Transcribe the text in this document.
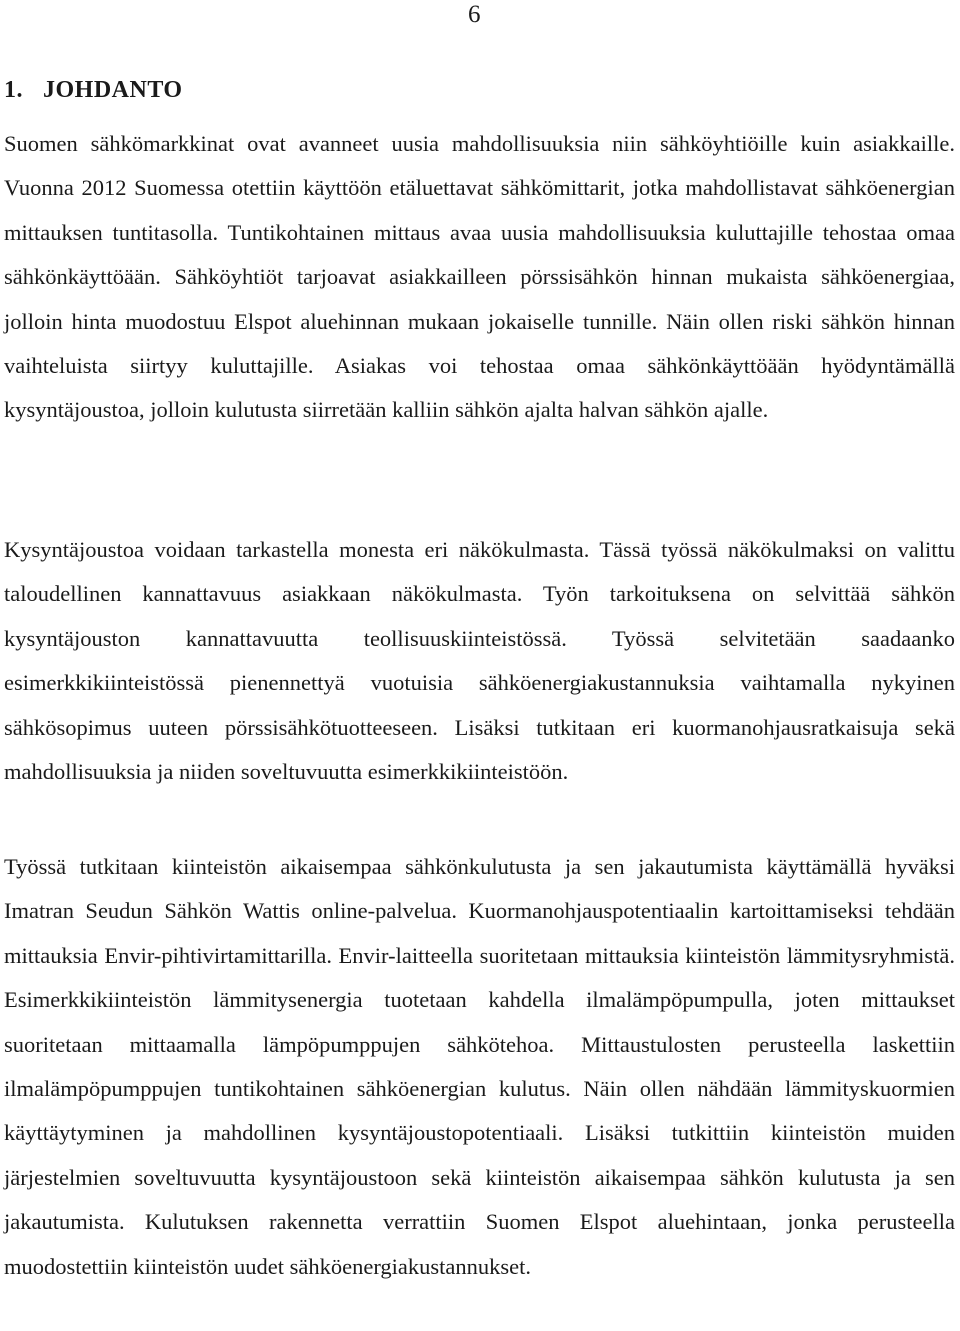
6
1. JOHDANTO

Suomen sähkömarkkinat ovat avanneet uusia mahdollisuuksia niin sähköyhtiöille kuin asiakkaille. Vuonna 2012 Suomessa otettiin käyttöön etäluettavat sähkömittarit, jotka mahdollistavat sähköenergian mittauksen tuntitasolla. Tuntikohtainen mittaus avaa uusia mahdollisuuksia kuluttajille tehostaa omaa sähkönkäyttöään. Sähköyhtiöt tarjoavat asiakkailleen pörssisähkön hinnan mukaista sähköenergiaa, jolloin hinta muodostuu Elspot aluehinnan mukaan jokaiselle tunnille. Näin ollen riski sähkön hinnan vaihteluista siirtyy kuluttajille. Asiakas voi tehostaa omaa sähkönkäyttöään hyödyntämällä kysyntäjoustoa, jolloin kulutusta siirretään kalliin sähkön ajalta halvan sähkön ajalle.

Kysyntäjoustoa voidaan tarkastella monesta eri näkökulmasta. Tässä työssä näkökulmaksi on valittu taloudellinen kannattavuus asiakkaan näkökulmasta. Työn tarkoituksena on selvittää sähkön kysyntäjouston kannattavuutta teollisuuskiinteistössä. Työssä selvitetään saadaanko esimerkkikiinteistössä pienennettyä vuotuisia sähköenergiakustannuksia vaihtamalla nykyinen sähkösopimus uuteen pörssisähkötuotteeseen. Lisäksi tutkitaan eri kuormanohjausratkaisuja sekä mahdollisuuksia ja niiden soveltuvuutta esimerkkikiinteistöön.

Työssä tutkitaan kiinteistön aikaisempaa sähkönkulutusta ja sen jakautumista käyttämällä hyväksi Imatran Seudun Sähkön Wattis online-palvelua. Kuormanohjauspotentiaalin kartoittamiseksi tehdään mittauksia Envir-pihtivirtamittarilla. Envir-laitteella suoritetaan mittauksia kiinteistön lämmitysryhmistä. Esimerkkikiinteistön lämmitysenergia tuotetaan kahdella ilmalämpöpumpulla, joten mittaukset suoritetaan mittaamalla lämpöpumppujen sähkötehoa. Mittaustulosten perusteella laskettiin ilmalämpöpumppujen tuntikohtainen sähköenergian kulutus. Näin ollen nähdään lämmityskuormien käyttäytyminen ja mahdollinen kysyntäjoustopotentiaali. Lisäksi tutkittiin kiinteistön muiden järjestelmien soveltuvuutta kysyntäjoustoon sekä kiinteistön aikaisempaa sähkön kulutusta ja sen jakautumista. Kulutuksen rakennetta verrattiin Suomen Elspot aluehintaan, jonka perusteella muodostettiin kiinteistön uudet sähköenergiakustannukset.
